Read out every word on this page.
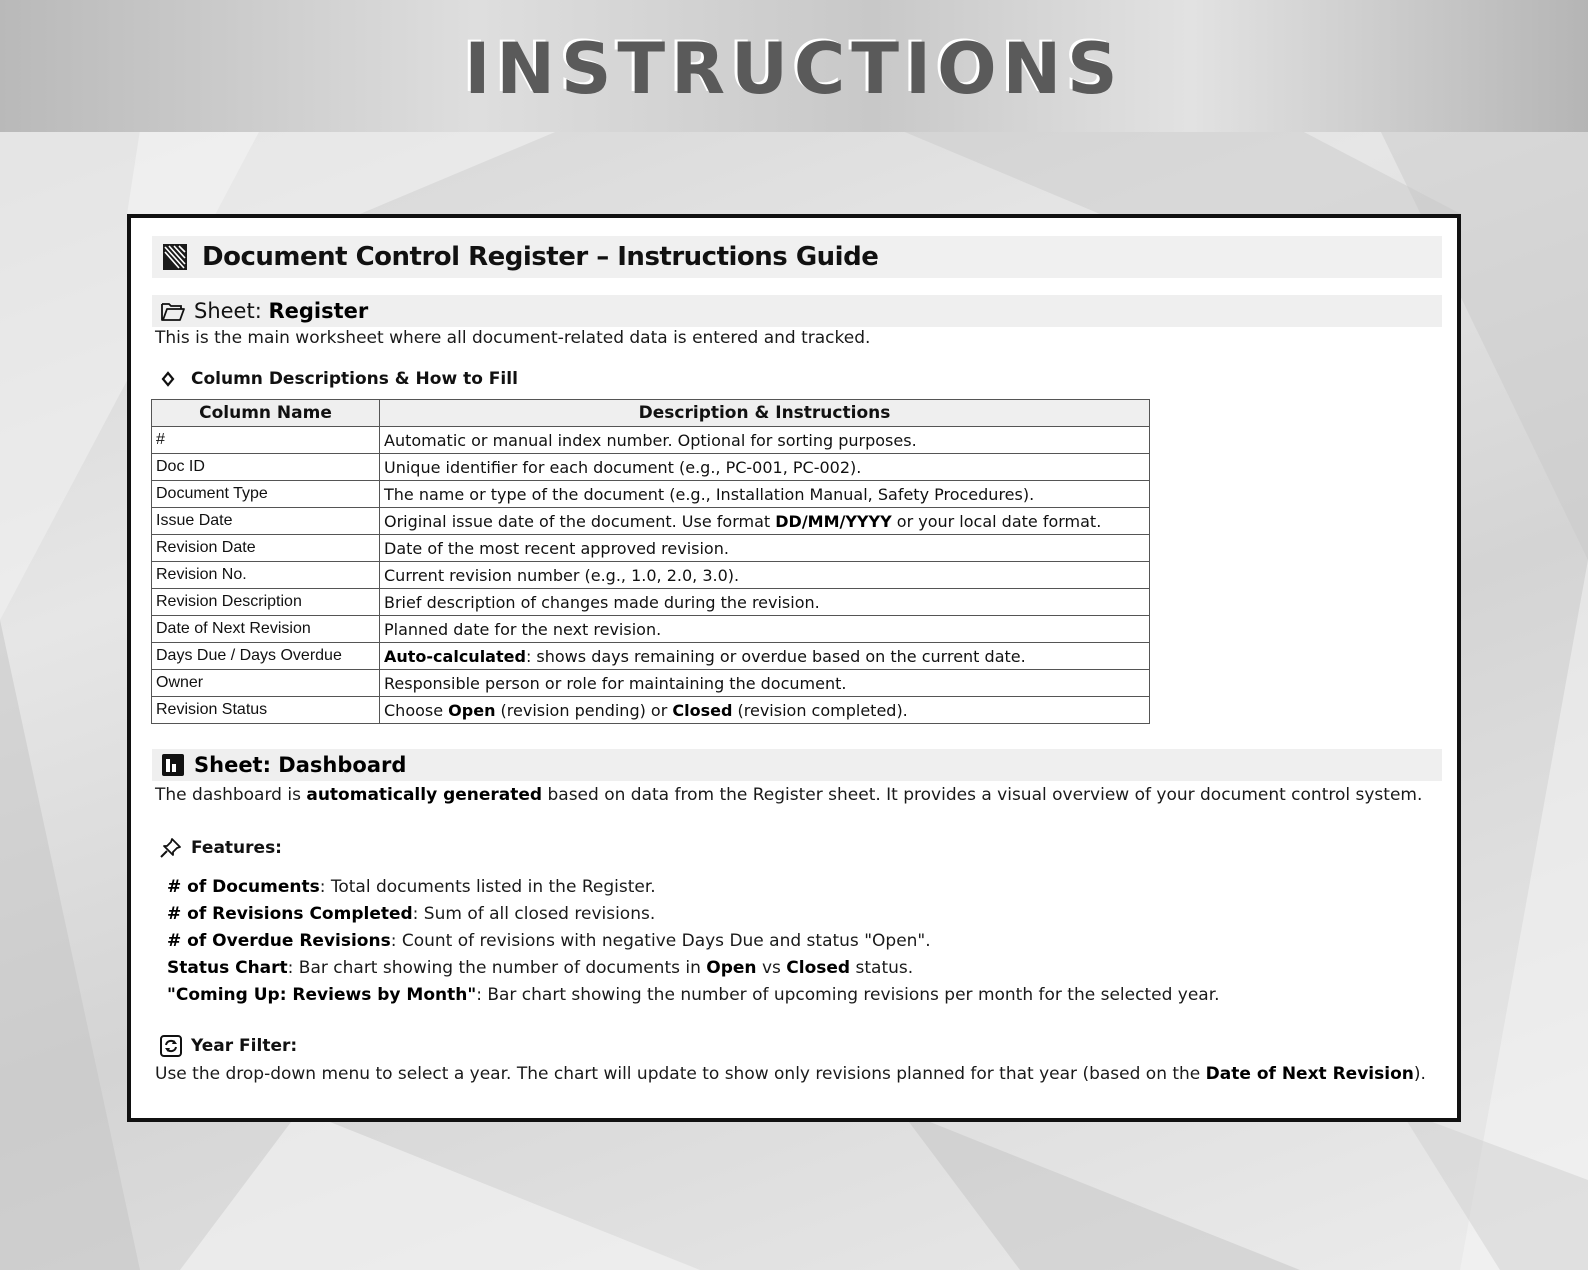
INSTRUCTIONS
Document Control Register – Instructions Guide
Sheet: Register
This is the main worksheet where all document-related data is entered and tracked.
Column Descriptions & How to Fill
Column Name	Description & Instructions
#	Automatic or manual index number. Optional for sorting purposes.
Doc ID	Unique identifier for each document (e.g., PC-001, PC-002).
Document Type	The name or type of the document (e.g., Installation Manual, Safety Procedures).
Issue Date	Original issue date of the document. Use format DD/MM/YYYY or your local date format.
Revision Date	Date of the most recent approved revision.
Revision No.	Current revision number (e.g., 1.0, 2.0, 3.0).
Revision Description	Brief description of changes made during the revision.
Date of Next Revision	Planned date for the next revision.
Days Due / Days Overdue	Auto-calculated: shows days remaining or overdue based on the current date.
Owner	Responsible person or role for maintaining the document.
Revision Status	Choose Open (revision pending) or Closed (revision completed).
Sheet: Dashboard
The dashboard is automatically generated based on data from the Register sheet. It provides a visual overview of your document control system.
Features:
# of Documents: Total documents listed in the Register.
# of Revisions Completed: Sum of all closed revisions.
# of Overdue Revisions: Count of revisions with negative Days Due and status "Open".
Status Chart: Bar chart showing the number of documents in Open vs Closed status.
"Coming Up: Reviews by Month": Bar chart showing the number of upcoming revisions per month for the selected year.
Year Filter:
Use the drop-down menu to select a year. The chart will update to show only revisions planned for that year (based on the Date of Next Revision).
